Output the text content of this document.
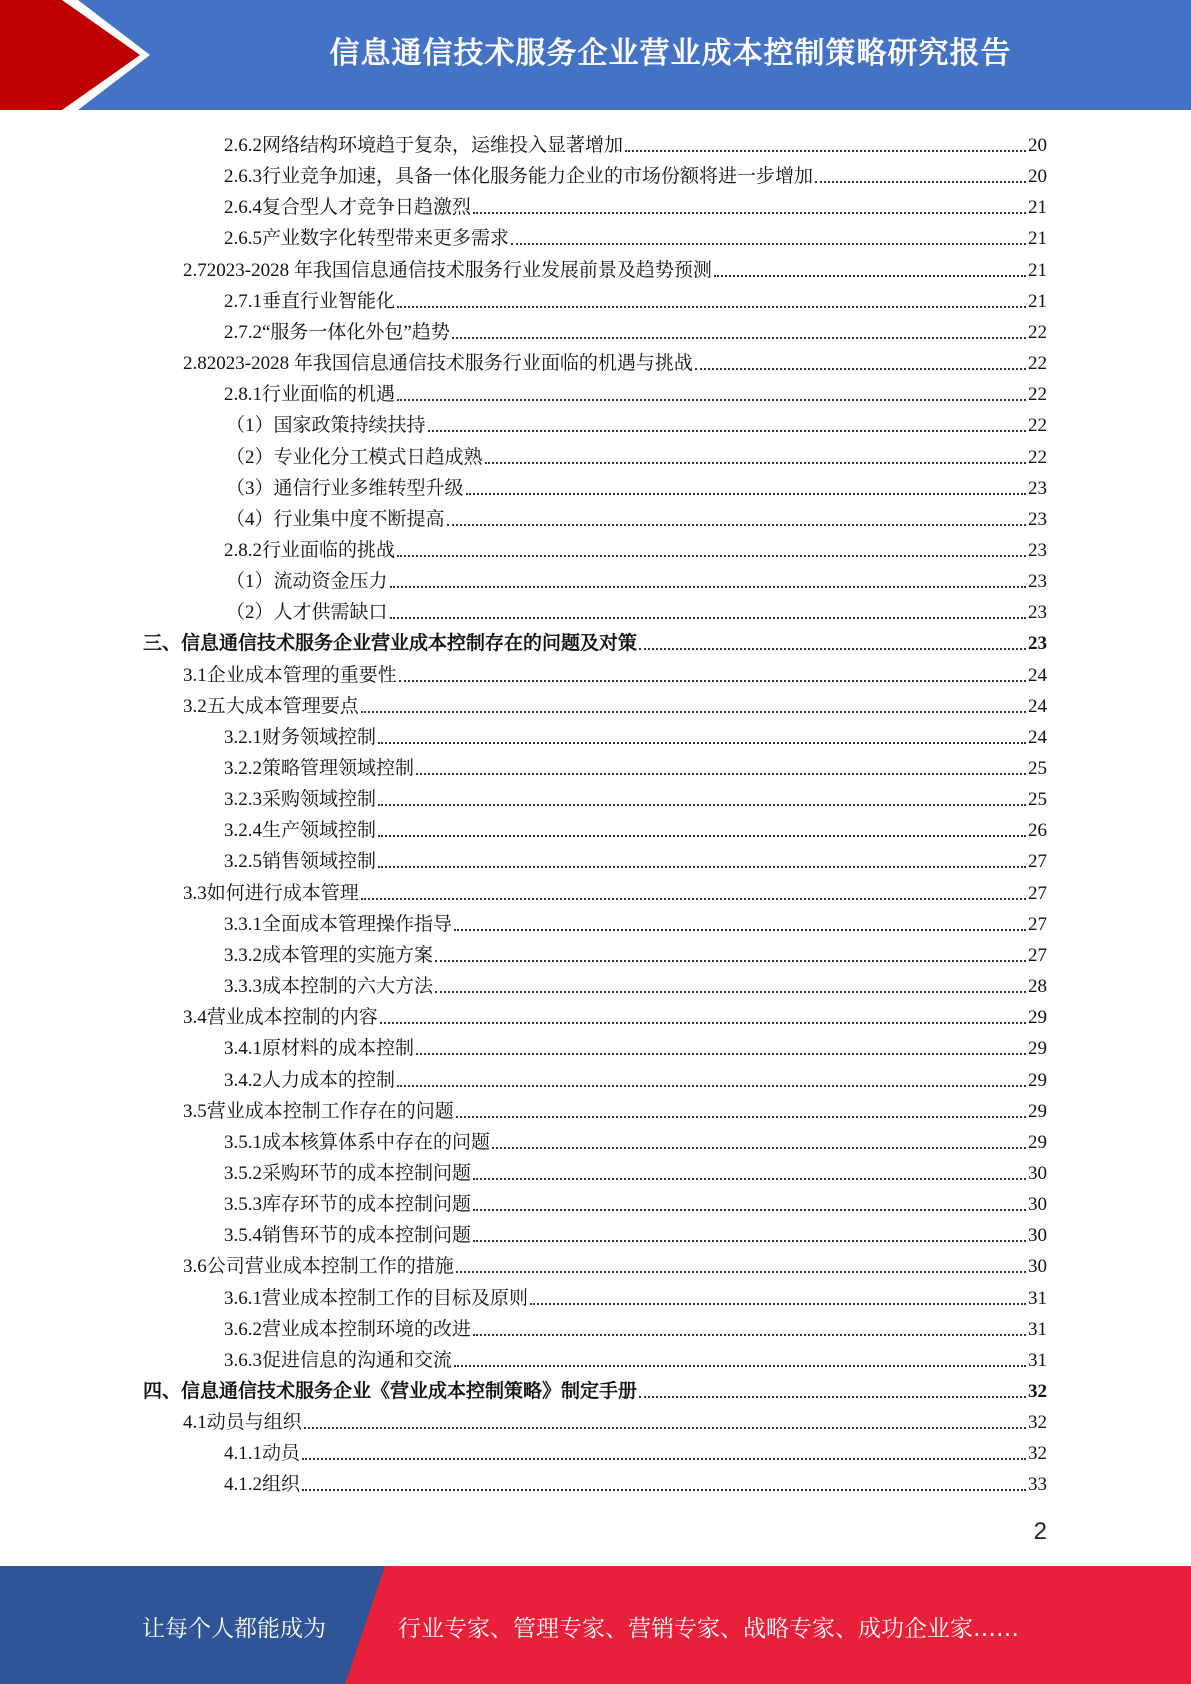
信息通信技术服务企业营业成本控制策略研究报告
2.6.2 网络结构环境趋于复杂，运维投入显著增加	20
2.6.3 行业竞争加速，具备一体化服务能力企业的市场份额将进一步增加	20
2.6.4 复合型人才竞争日趋激烈	21
2.6.5 产业数字化转型带来更多需求	21
2.7 2023-2028 年我国信息通信技术服务行业发展前景及趋势预测	21
2.7.1 垂直行业智能化	21
2.7.2 “服务一体化外包”趋势	22
2.8 2023-2028 年我国信息通信技术服务行业面临的机遇与挑战	22
2.8.1 行业面临的机遇	22
（1） 国家政策持续扶持	22
（2） 专业化分工模式日趋成熟	22
（3） 通信行业多维转型升级	23
（4） 行业集中度不断提高	23
2.8.2 行业面临的挑战	23
（1） 流动资金压力	23
（2） 人才供需缺口	23
三、 信息通信技术服务企业营业成本控制存在的问题及对策	23
3.1 企业成本管理的重要性	24
3.2 五大成本管理要点	24
3.2.1 财务领域控制	24
3.2.2 策略管理领域控制	25
3.2.3 采购领域控制	25
3.2.4 生产领域控制	26
3.2.5 销售领域控制	27
3.3 如何进行成本管理	27
3.3.1 全面成本管理操作指导	27
3.3.2 成本管理的实施方案	27
3.3.3 成本控制的六大方法	28
3.4 营业成本控制的内容	29
3.4.1 原材料的成本控制	29
3.4.2 人力成本的控制	29
3.5 营业成本控制工作存在的问题	29
3.5.1 成本核算体系中存在的问题	29
3.5.2 采购环节的成本控制问题	30
3.5.3 库存环节的成本控制问题	30
3.5.4 销售环节的成本控制问题	30
3.6 公司营业成本控制工作的措施	30
3.6.1 营业成本控制工作的目标及原则	31
3.6.2 营业成本控制环境的改进	31
3.6.3 促进信息的沟通和交流	31
四、 信息通信技术服务企业《营业成本控制策略》制定手册	32
4.1 动员与组织	32
4.1.1 动员	32
4.1.2 组织	33
2
让每个人都能成为	行业专家、管理专家、营销专家、战略专家、成功企业家……
